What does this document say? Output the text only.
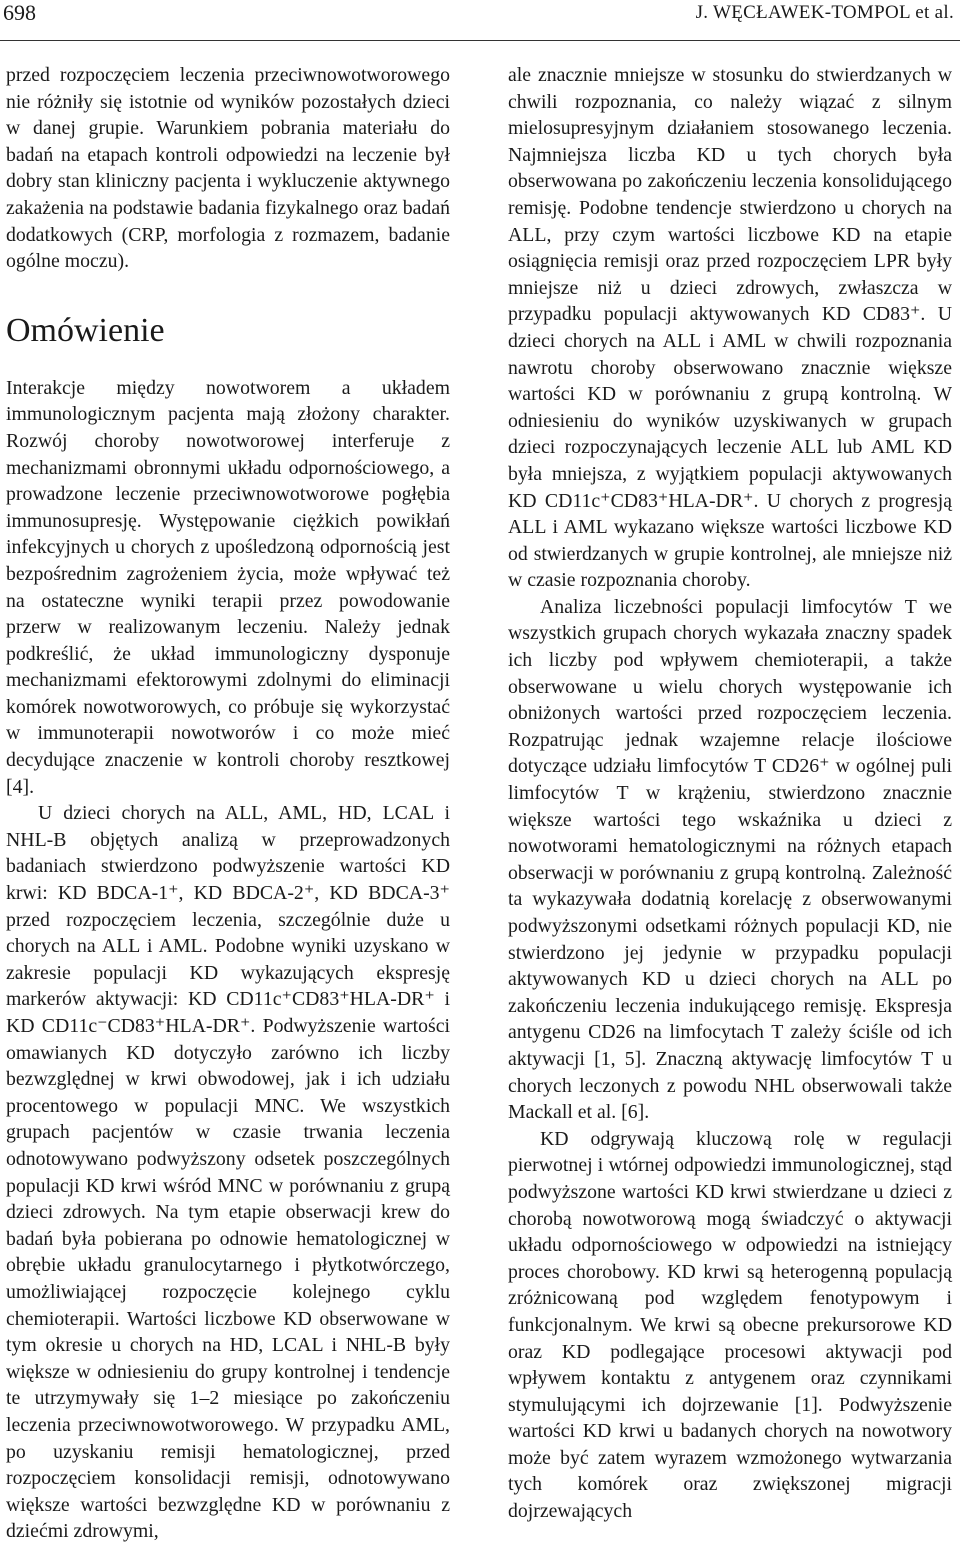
698	J. WĘCŁAWEK-TOMPOL et al.

przed rozpoczęciem leczenia przeciwnowotworowego nie różniły się istotnie od wyników pozostałych dzieci w danej grupie. Warunkiem pobrania materiału do badań na etapach kontroli odpowiedzi na leczenie był dobry stan kliniczny pacjenta i wykluczenie aktywnego zakażenia na podstawie badania fizykalnego oraz badań dodatkowych (CRP, morfologia z rozmazem, badanie ogólne moczu).

Omówienie

Interakcje między nowotworem a układem immunologicznym pacjenta mają złożony charakter. Rozwój choroby nowotworowej interferuje z mechanizmami obronnymi układu odpornościowego, a prowadzone leczenie przeciwnowotworowe pogłębia immunosupresję. Występowanie ciężkich powikłań infekcyjnych u chorych z upośledzoną odpornością jest bezpośrednim zagrożeniem życia, może wpływać też na ostateczne wyniki terapii przez powodowanie przerw w realizowanym leczeniu. Należy jednak podkreślić, że układ immunologiczny dysponuje mechanizmami efektorowymi zdolnymi do eliminacji komórek nowotworowych, co próbuje się wykorzystać w immunoterapii nowotworów i co może mieć decydujące znaczenie w kontroli choroby resztkowej [4].

U dzieci chorych na ALL, AML, HD, LCAL i NHL-B objętych analizą w przeprowadzonych badaniach stwierdzono podwyższenie wartości KD krwi: KD BDCA-1⁺, KD BDCA-2⁺, KD BDCA-3⁺ przed rozpoczęciem leczenia, szczególnie duże u chorych na ALL i AML. Podobne wyniki uzyskano w zakresie populacji KD wykazujących ekspresję markerów aktywacji: KD CD11c⁺CD83⁺HLA-DR⁺ i KD CD11c⁻CD83⁺HLA-DR⁺. Podwyższenie wartości omawianych KD dotyczyło zarówno ich liczby bezwzględnej w krwi obwodowej, jak i ich udziału procentowego w populacji MNC. We wszystkich grupach pacjentów w czasie trwania leczenia odnotowywano podwyższony odsetek poszczególnych populacji KD krwi wśród MNC w porównaniu z grupą dzieci zdrowych. Na tym etapie obserwacji krew do badań była pobierana po odnowie hematologicznej w obrębie układu granulocytarnego i płytkotwórczego, umożliwiającej rozpoczęcie kolejnego cyklu chemioterapii. Wartości liczbowe KD obserwowane w tym okresie u chorych na HD, LCAL i NHL-B były większe w odniesieniu do grupy kontrolnej i tendencje te utrzymywały się 1–2 miesiące po zakończeniu leczenia przeciwnowotworowego. W przypadku AML, po uzyskaniu remisji hematologicznej, przed rozpoczęciem konsolidacji remisji, odnotowywano większe wartości bezwzględne KD w porównaniu z dziećmi zdrowymi,

ale znacznie mniejsze w stosunku do stwierdzanych w chwili rozpoznania, co należy wiązać z silnym mielosupresyjnym działaniem stosowanego leczenia. Najmniejsza liczba KD u tych chorych była obserwowana po zakończeniu leczenia konsolidującego remisję. Podobne tendencje stwierdzono u chorych na ALL, przy czym wartości liczbowe KD na etapie osiągnięcia remisji oraz przed rozpoczęciem LPR były mniejsze niż u dzieci zdrowych, zwłaszcza w przypadku populacji aktywowanych KD CD83⁺. U dzieci chorych na ALL i AML w chwili rozpoznania nawrotu choroby obserwowano znacznie większe wartości KD w porównaniu z grupą kontrolną. W odniesieniu do wyników uzyskiwanych w grupach dzieci rozpoczynających leczenie ALL lub AML KD była mniejsza, z wyjątkiem populacji aktywowanych KD CD11c⁺CD83⁺HLA-DR⁺. U chorych z progresją ALL i AML wykazano większe wartości liczbowe KD od stwierdzanych w grupie kontrolnej, ale mniejsze niż w czasie rozpoznania choroby.

Analiza liczebności populacji limfocytów T we wszystkich grupach chorych wykazała znaczny spadek ich liczby pod wpływem chemioterapii, a także obserwowane u wielu chorych występowanie ich obniżonych wartości przed rozpoczęciem leczenia. Rozpatrując jednak wzajemne relacje ilościowe dotyczące udziału limfocytów T CD26⁺ w ogólnej puli limfocytów T w krążeniu, stwierdzono znacznie większe wartości tego wskaźnika u dzieci z nowotworami hematologicznymi na różnych etapach obserwacji w porównaniu z grupą kontrolną. Zależność ta wykazywała dodatnią korelację z obserwowanymi podwyższonymi odsetkami różnych populacji KD, nie stwierdzono jej jedynie w przypadku populacji aktywowanych KD u dzieci chorych na ALL po zakończeniu leczenia indukującego remisję. Ekspresja antygenu CD26 na limfocytach T zależy ściśle od ich aktywacji [1, 5]. Znaczną aktywację limfocytów T u chorych leczonych z powodu NHL obserwowali także Mackall et al. [6].

KD odgrywają kluczową rolę w regulacji pierwotnej i wtórnej odpowiedzi immunologicznej, stąd podwyższone wartości KD krwi stwierdzane u dzieci z chorobą nowotworową mogą świadczyć o aktywacji układu odpornościowego w odpowiedzi na istniejący proces chorobowy. KD krwi są heterogenną populacją zróżnicowaną pod względem fenotypowym i funkcjonalnym. We krwi są obecne prekursorowe KD oraz KD podlegające procesowi aktywacji pod wpływem kontaktu z antygenem oraz czynnikami stymulującymi ich dojrzewanie [1]. Podwyższenie wartości KD krwi u badanych chorych na nowotwory może być zatem wyrazem wzmożonego wytwarzania tych komórek oraz zwiększonej migracji dojrzewających
